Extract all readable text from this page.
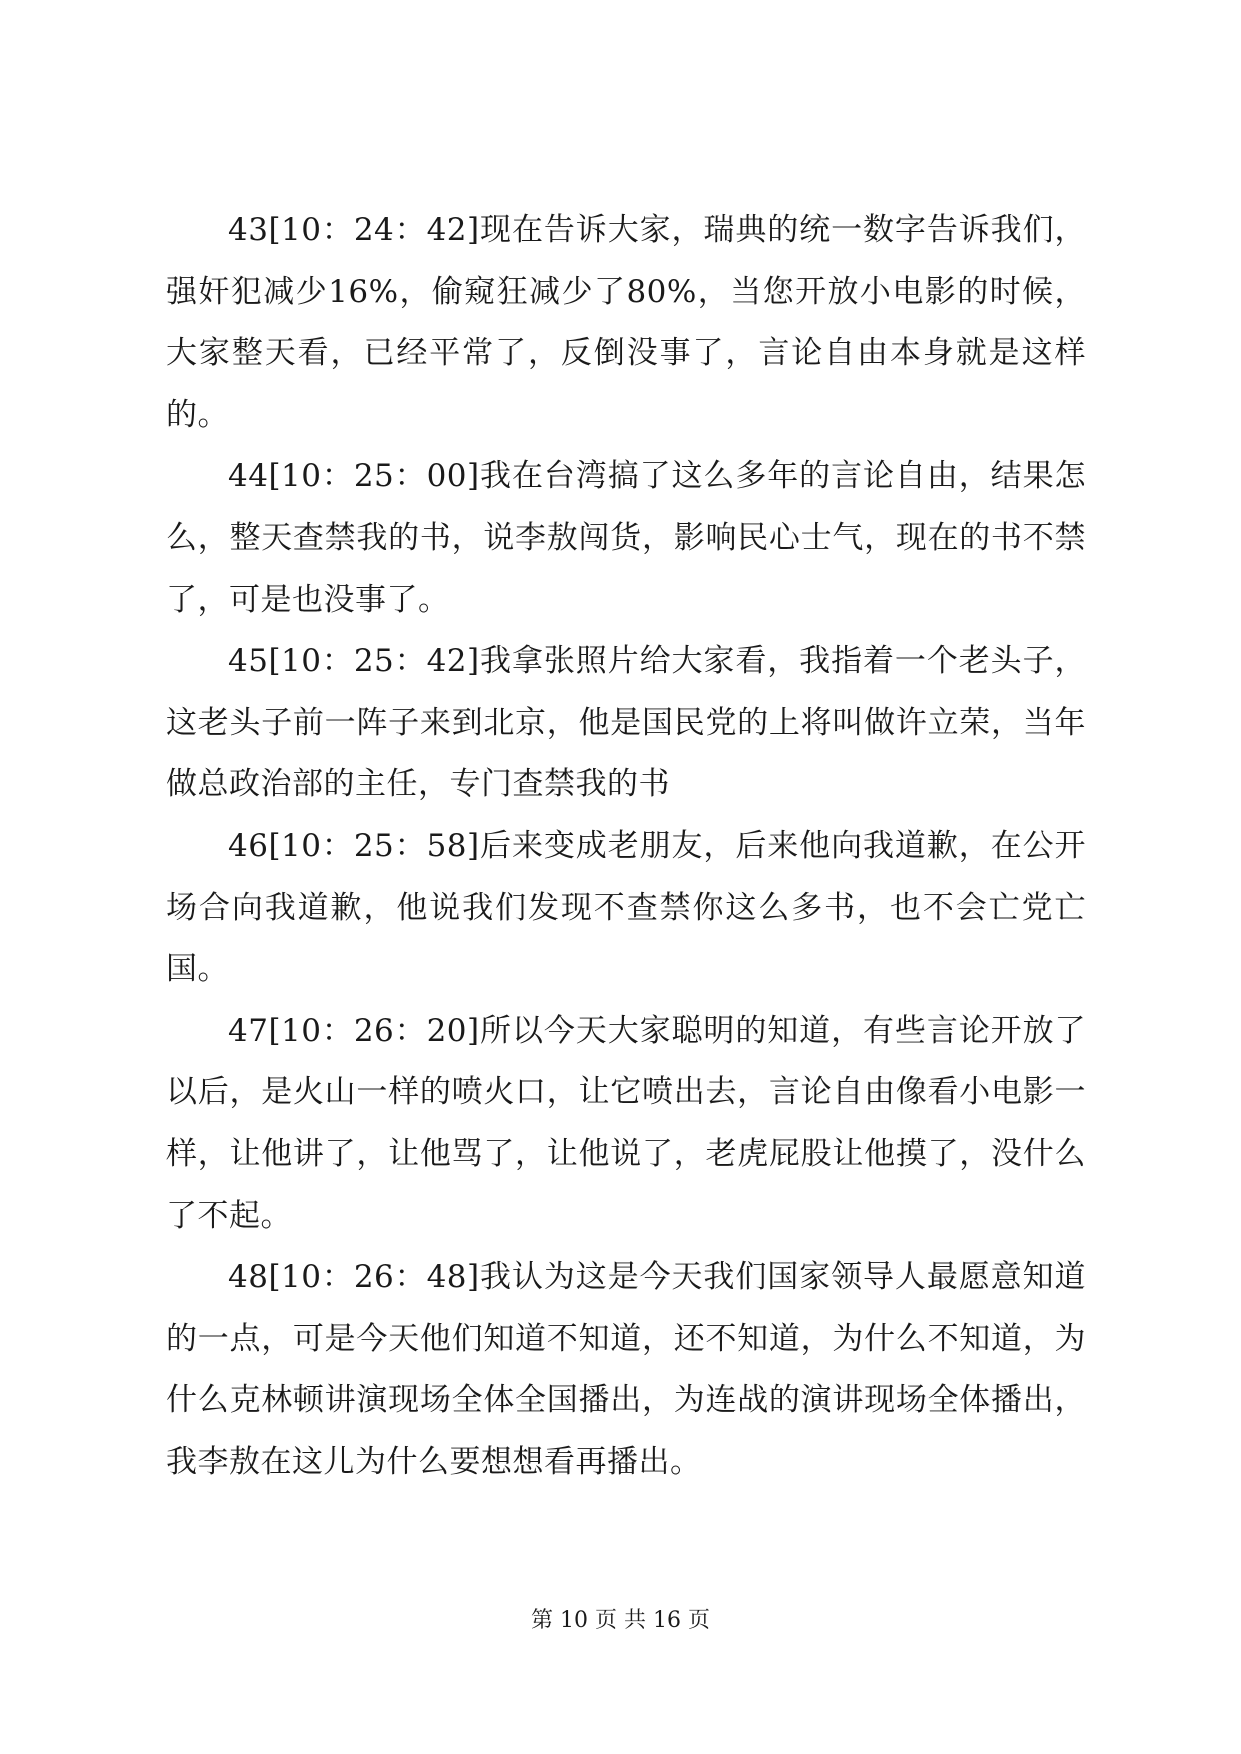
43[10：24：42]现在告诉大家，瑞典的统一数字告诉我们，强奸犯减少16%，偷窥狂减少了80%，当您开放小电影的时候，大家整天看，已经平常了，反倒没事了，言论自由本身就是这样的。

44[10：25：00]我在台湾搞了这么多年的言论自由，结果怎么，整天查禁我的书，说李敖闯货，影响民心士气，现在的书不禁了，可是也没事了。

45[10：25：42]我拿张照片给大家看，我指着一个老头子，这老头子前一阵子来到北京，他是国民党的上将叫做许立荣，当年做总政治部的主任，专门查禁我的书

46[10：25：58]后来变成老朋友，后来他向我道歉，在公开场合向我道歉，他说我们发现不查禁你这么多书，也不会亡党亡国。

47[10：26：20]所以今天大家聪明的知道，有些言论开放了以后，是火山一样的喷火口，让它喷出去，言论自由像看小电影一样，让他讲了，让他骂了，让他说了，老虎屁股让他摸了，没什么了不起。

48[10：26：48]我认为这是今天我们国家领导人最愿意知道的一点，可是今天他们知道不知道，还不知道，为什么不知道，为什么克林顿讲演现场全体全国播出，为连战的演讲现场全体播出，我李敖在这儿为什么要想想看再播出。

第 10 页 共 16 页
